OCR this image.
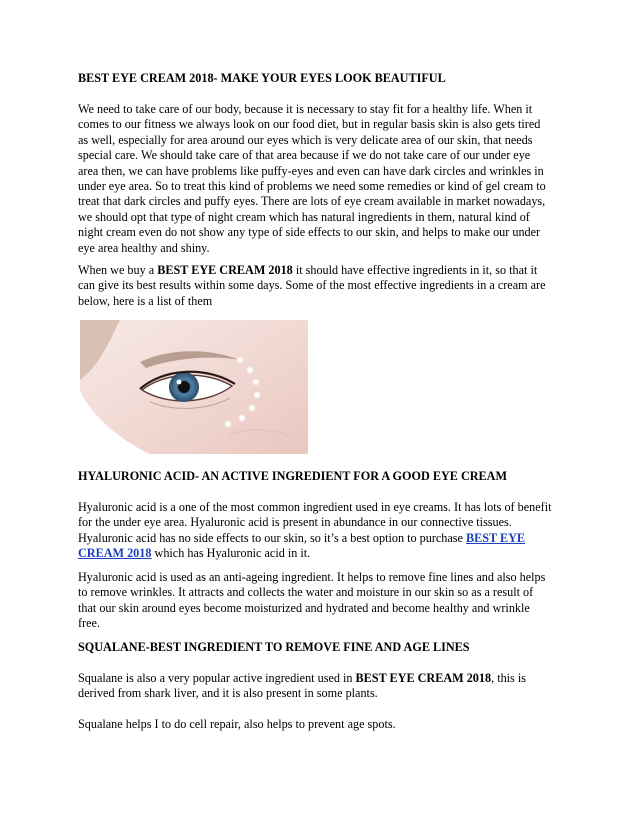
BEST EYE CREAM 2018- MAKE YOUR EYES LOOK BEAUTIFUL

We need to take care of our body, because it is necessary to stay fit for a healthy life. When it
comes to our fitness we always look on our food diet, but in regular basis skin is also gets tired
as well, especially for area around our eyes which is very delicate area of our skin, that needs
special care. We should take care of that area because if we do not take care of our under eye
area then, we can have problems like puffy-eyes and even can have dark circles and wrinkles in
under eye area. So to treat this kind of problems we need some remedies or kind of gel cream to
treat that dark circles and puffy eyes. There are lots of eye cream available in market nowadays,
we should opt that type of night cream which has natural ingredients in them, natural kind of
night cream even do not show any type of side effects to our skin, and helps to make our under
eye area healthy and shiny.

When we buy a BEST EYE CREAM 2018 it should have effective ingredients in it, so that it
can give its best results within some days. Some of the most effective ingredients in a cream are
below, here is a list of them

HYALURONIC ACID- AN ACTIVE INGREDIENT FOR A GOOD EYE CREAM

Hyaluronic acid is a one of the most common ingredient used in eye creams. It has lots of benefit
for the under eye area. Hyaluronic acid is present in abundance in our connective tissues.
Hyaluronic acid has no side effects to our skin, so it’s a best option to purchase BEST EYE
CREAM 2018 which has Hyaluronic acid in it.

Hyaluronic acid is used as an anti-ageing ingredient. It helps to remove fine lines and also helps
to remove wrinkles. It attracts and collects the water and moisture in our skin so as a result of
that our skin around eyes become moisturized and hydrated and become healthy and wrinkle
free.

SQUALANE-BEST INGREDIENT TO REMOVE FINE AND AGE LINES

Squalane is also a very popular active ingredient used in BEST EYE CREAM 2018, this is
derived from shark liver, and it is also present in some plants.

Squalane helps I to do cell repair, also helps to prevent age spots.
